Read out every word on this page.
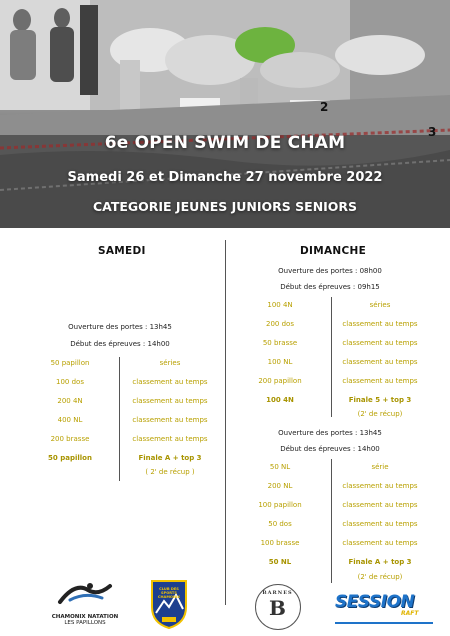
2
3
6e OPEN SWIM DE CHAM
Samedi 26 et Dimanche 27 novembre 2022
CATEGORIE JEUNES JUNIORS SENIORS
SAMEDI	DIMANCHE
Ouverture des portes : 13h45
Début des épreuves : 14h00
50 papillon	séries
100 dos	classement au temps
200 4N	classement au temps
400 NL	classement au temps
200 brasse	classement au temps
50 papillon	Finale A + top 3
( 2' de récup )
Ouverture des portes : 08h00
Début des épreuves : 09h15
100 4N	séries
200 dos	classement au temps
50 brasse	classement au temps
100 NL	classement au temps
200 papillon	classement au temps
100 4N	Finale 5 + top 3
(2' de récup)
Ouverture des portes : 13h45
Début des épreuves : 14h00
50 NL	série
200 NL	classement au temps
100 papillon	classement au temps
50 dos	classement au temps
100 brasse	classement au temps
50 NL	Finale A + top 3
(2' de récup)
CHAMONIX NATATION
LES PAPILLONS
CLUB DES SPORTS CHAMONIX
BARNES
B	SESSION
RAFT
